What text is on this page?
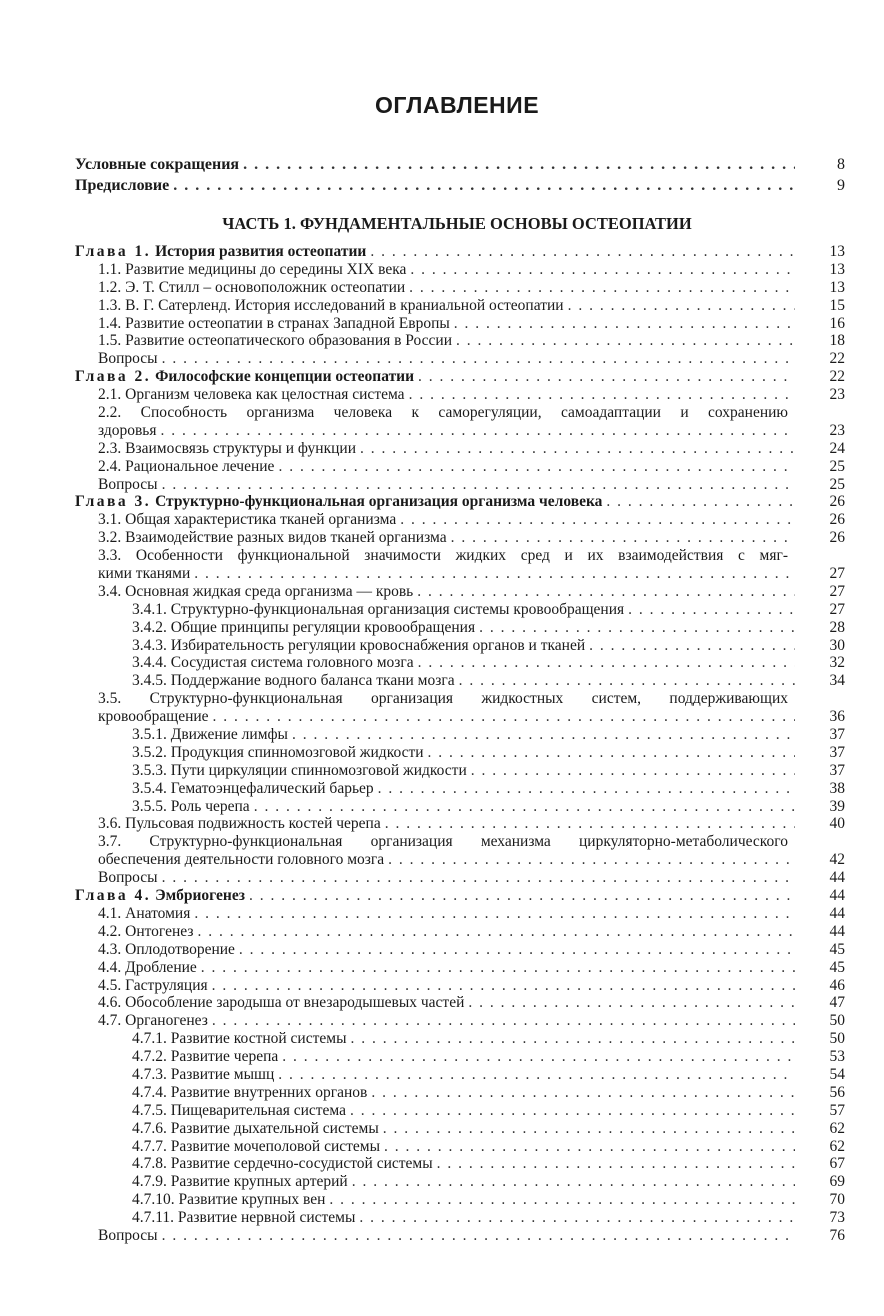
ОГЛАВЛЕНИЕ
Условные сокращения . . .	8
Предисловие . . .	9
ЧАСТЬ 1. ФУНДАМЕНТАЛЬНЫЕ ОСНОВЫ ОСТЕОПАТИИ
Глава 1. История развития остеопатии . . .	13
1.1. Развитие медицины до середины XIX века . . .	13
1.2. Э. Т. Стилл – основоположник остеопатии . . .	13
1.3. В. Г. Сатерленд. История исследований в краниальной остеопатии . . .	15
1.4. Развитие остеопатии в странах Западной Европы . . .	16
1.5. Развитие остеопатического образования в России . . .	18
Вопросы . . .	22
Глава 2. Философские концепции остеопатии . . .	22
2.1. Организм человека как целостная система . . .	23
2.2. Способность организма человека к саморегуляции, самоадаптации и сохранению
здоровья . . .	23
2.3. Взаимосвязь структуры и функции . . .	24
2.4. Рациональное лечение . . .	25
Вопросы . . .	25
Глава 3. Структурно-функциональная организация организма человека . . .	26
3.1. Общая характеристика тканей организма . . .	26
3.2. Взаимодействие разных видов тканей организма . . .	26
3.3. Особенности функциональной значимости жидких сред и их взаимодействия с мяг-
кими тканями . . .	27
3.4. Основная жидкая среда организма — кровь . . .	27
3.4.1. Структурно-функциональная организация системы кровообращения . . .	27
3.4.2. Общие принципы регуляции кровообращения . . .	28
3.4.3. Избирательность регуляции кровоснабжения органов и тканей . . .	30
3.4.4. Сосудистая система головного мозга . . .	32
3.4.5. Поддержание водного баланса ткани мозга . . .	34
3.5. Структурно-функциональная организация жидкостных систем, поддерживающих
кровообращение . . .	36
3.5.1. Движение лимфы . . .	37
3.5.2. Продукция спинномозговой жидкости . . .	37
3.5.3. Пути циркуляции спинномозговой жидкости . . .	37
3.5.4. Гематоэнцефалический барьер . . .	38
3.5.5. Роль черепа . . .	39
3.6. Пульсовая подвижность костей черепа . . .	40
3.7. Структурно-функциональная организация механизма циркуляторно-метаболического
обеспечения деятельности головного мозга . . .	42
Вопросы . . .	44
Глава 4. Эмбриогенез . . .	44
4.1. Анатомия . . .	44
4.2. Онтогенез . . .	44
4.3. Оплодотворение . . .	45
4.4. Дробление . . .	45
4.5. Гаструляция . . .	46
4.6. Обособление зародыша от внезародышевых частей . . .	47
4.7. Органогенез . . .	50
4.7.1. Развитие костной системы . . .	50
4.7.2. Развитие черепа . . .	53
4.7.3. Развитие мышц . . .	54
4.7.4. Развитие внутренних органов . . .	56
4.7.5. Пищеварительная система . . .	57
4.7.6. Развитие дыхательной системы . . .	62
4.7.7. Развитие мочеполовой системы . . .	62
4.7.8. Развитие сердечно-сосудистой системы . . .	67
4.7.9. Развитие крупных артерий . . .	69
4.7.10. Развитие крупных вен . . .	70
4.7.11. Развитие нервной системы . . .	73
Вопросы . . .	76
